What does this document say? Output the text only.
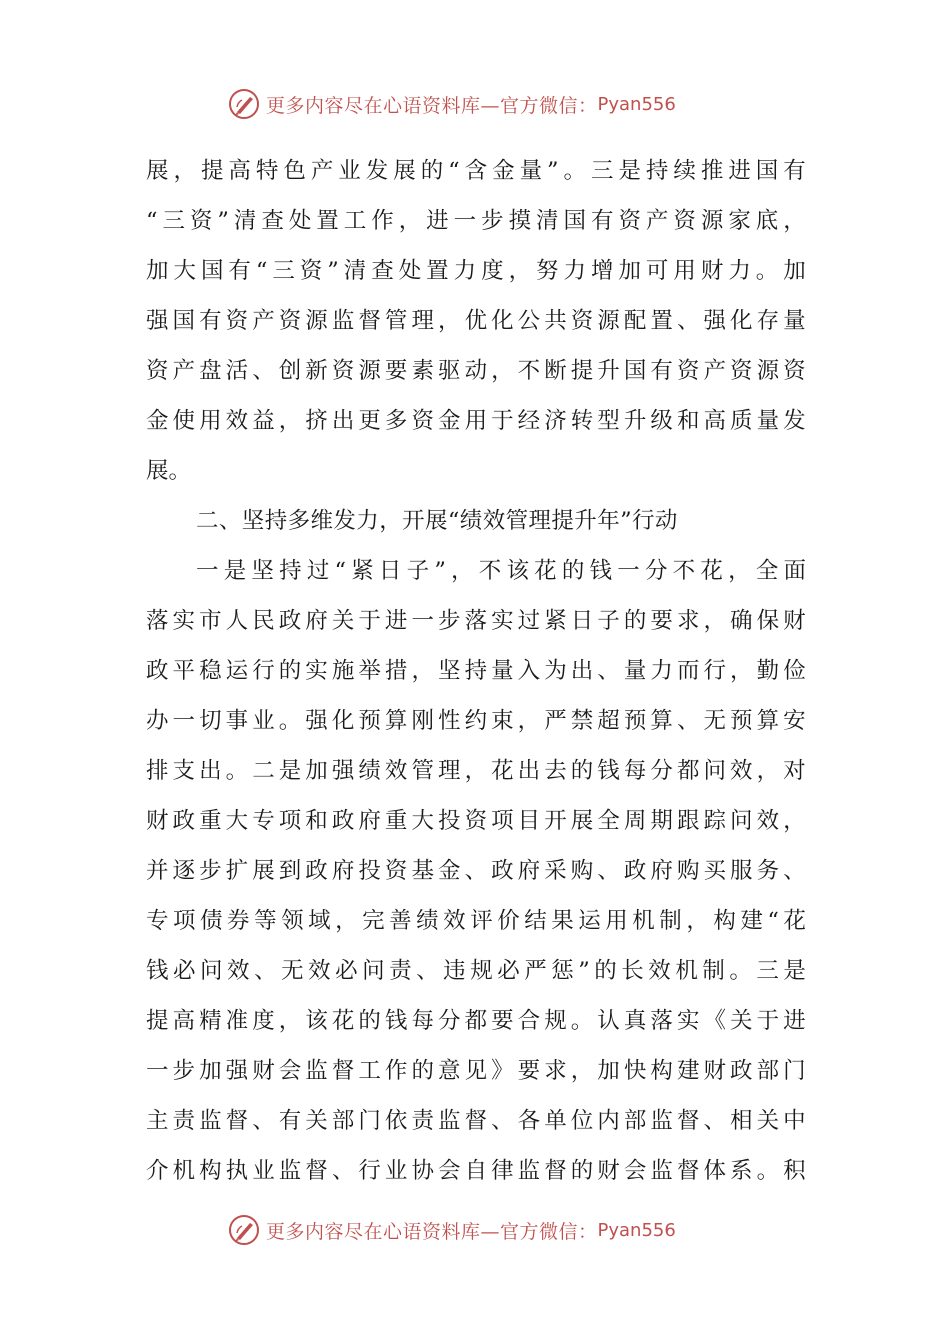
更多内容尽在心语资料库—官方微信： Pyan556
展 ， 提 高 特 色 产 业 发 展 的 “ 含 金 量 ” 。 三 是 持 续 推 进 国 有
“ 三 资 ” 清 查 处 置 工 作 ， 进 一 步 摸 清 国 有 资 产 资 源 家 底 ，
加 大 国 有 “ 三 资 ” 清 查 处 置 力 度 ， 努 力 增 加 可 用 财 力 。 加
强 国 有 资 产 资 源 监 督 管 理 ， 优 化 公 共 资 源 配 置 、 强 化 存 量
资 产 盘 活 、 创 新 资 源 要 素 驱 动 ， 不 断 提 升 国 有 资 产 资 源 资
金 使 用 效 益 ， 挤 出 更 多 资 金 用 于 经 济 转 型 升 级 和 高 质 量 发
展。
二、坚持多维发力，开展“绩效管理提升年”行动
一 是 坚 持 过 “ 紧 日 子 ” ， 不 该 花 的 钱 一 分 不 花 ， 全 面
落 实 市 人 民 政 府 关 于 进 一 步 落 实 过 紧 日 子 的 要 求 ， 确 保 财
政 平 稳 运 行 的 实 施 举 措 ， 坚 持 量 入 为 出 、 量 力 而 行 ， 勤 俭
办 一 切 事 业 。 强 化 预 算 刚 性 约 束 ， 严 禁 超 预 算 、 无 预 算 安
排 支 出 。 二 是 加 强 绩 效 管 理 ， 花 出 去 的 钱 每 分 都 问 效 ， 对
财 政 重 大 专 项 和 政 府 重 大 投 资 项 目 开 展 全 周 期 跟 踪 问 效 ，
并 逐 步 扩 展 到 政 府 投 资 基 金 、 政 府 采 购 、 政 府 购 买 服 务 、
专 项 债 券 等 领 域 ， 完 善 绩 效 评 价 结 果 运 用 机 制 ， 构 建 “ 花
钱 必 问 效 、 无 效 必 问 责 、 违 规 必 严 惩 ” 的 长 效 机 制 。 三 是
提 高 精 准 度 ， 该 花 的 钱 每 分 都 要 合 规 。 认 真 落 实 《 关 于 进
一 步 加 强 财 会 监 督 工 作 的 意 见 》 要 求 ， 加 快 构 建 财 政 部 门
主 责 监 督 、 有 关 部 门 依 责 监 督 、 各 单 位 内 部 监 督 、 相 关 中
介 机 构 执 业 监 督 、 行 业 协 会 自 律 监 督 的 财 会 监 督 体 系 。 积
更多内容尽在心语资料库—官方微信： Pyan556
